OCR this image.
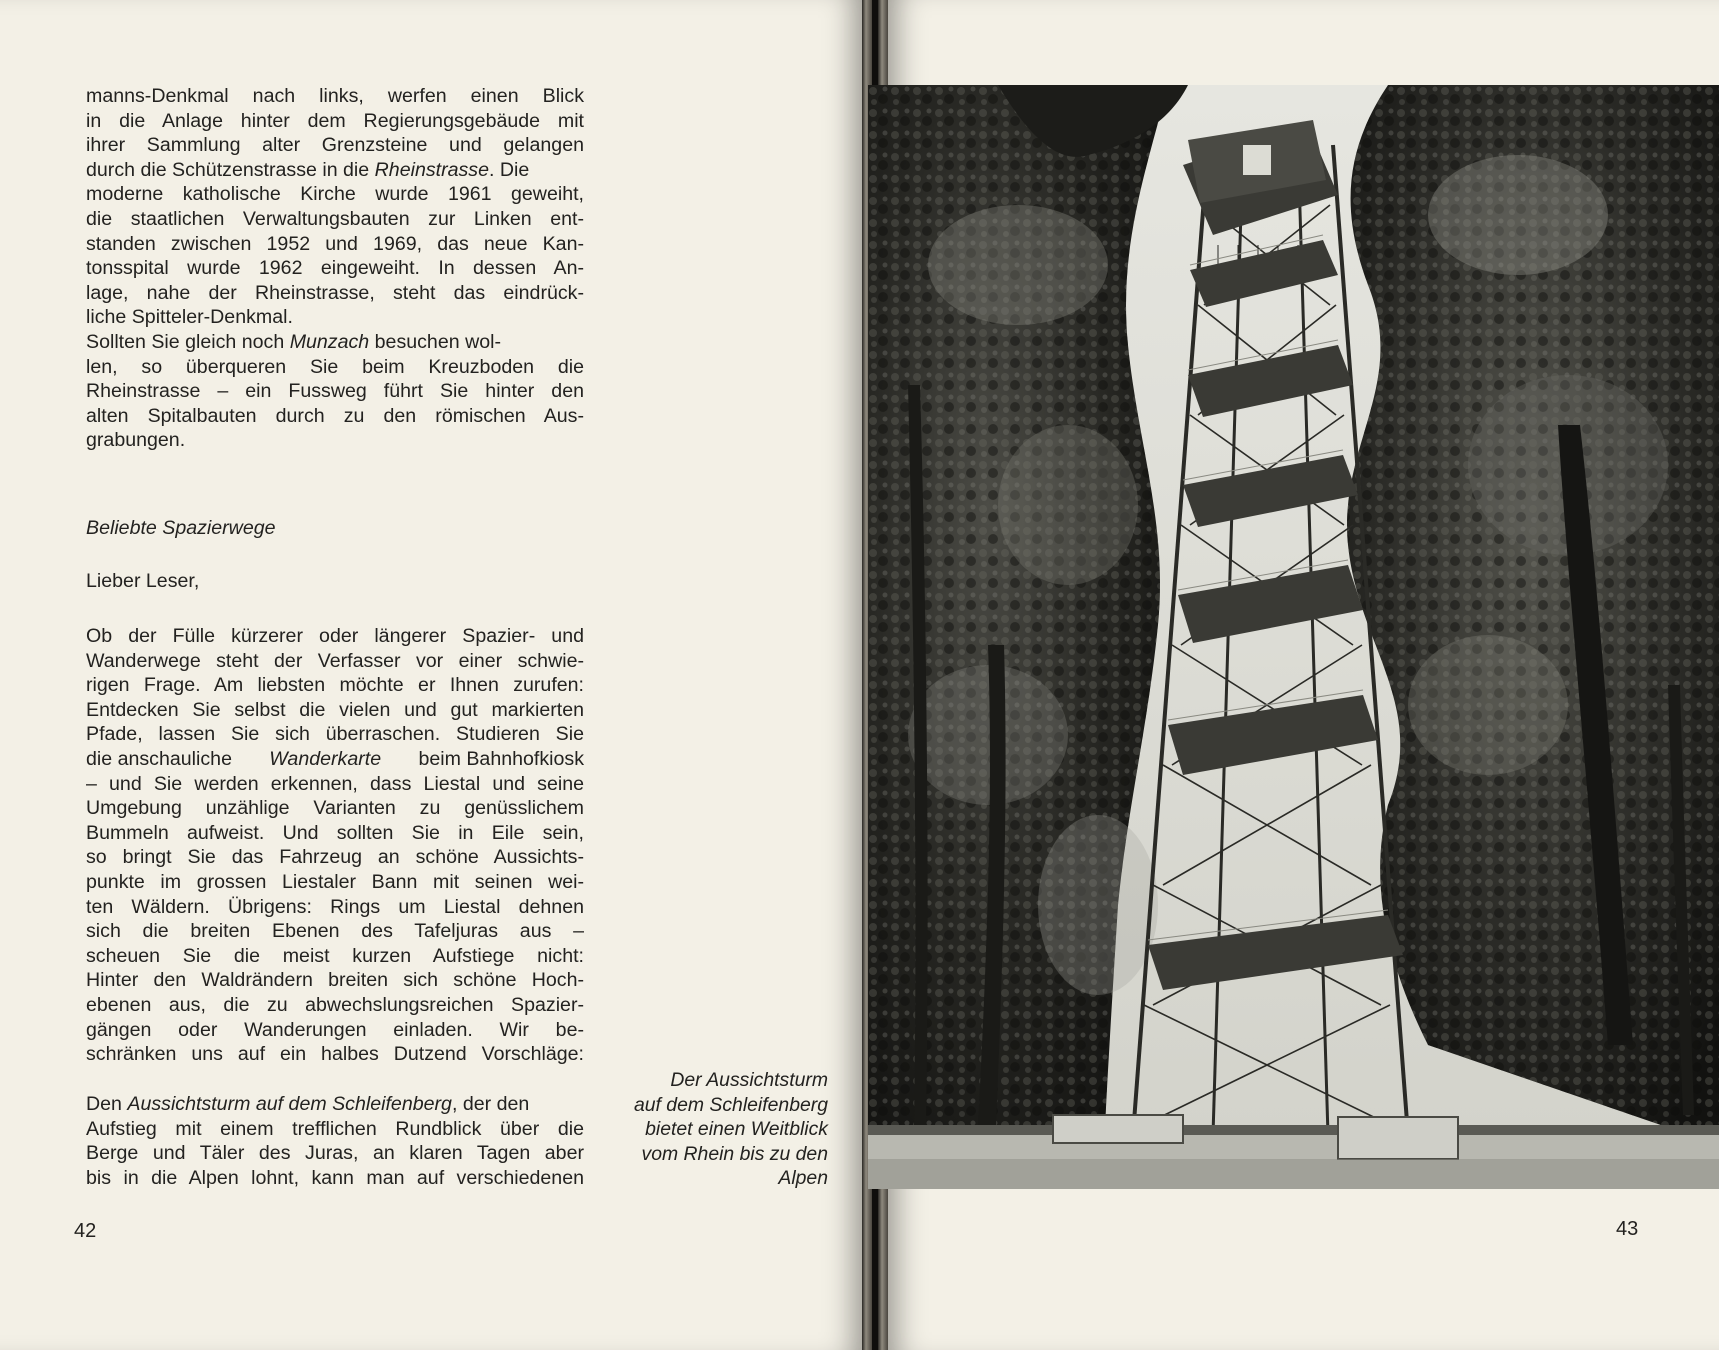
manns-Denkmal nach links, werfen einen Blick
in die Anlage hinter dem Regierungsgebäude mit
ihrer Sammlung alter Grenzsteine und gelangen
durch die Schützenstrasse in die Rheinstrasse. Die
moderne katholische Kirche wurde 1961 geweiht,
die staatlichen Verwaltungsbauten zur Linken ent-
standen zwischen 1952 und 1969, das neue Kan-
tonsspital wurde 1962 eingeweiht. In dessen An-
lage, nahe der Rheinstrasse, steht das eindrück-
liche Spitteler-Denkmal.
Sollten Sie gleich noch Munzach besuchen wol-
len, so überqueren Sie beim Kreuzboden die
Rheinstrasse – ein Fussweg führt Sie hinter den
alten Spitalbauten durch zu den römischen Aus-
grabungen.

Beliebte Spazierwege

Lieber Leser,

Ob der Fülle kürzerer oder längerer Spazier- und
Wanderwege steht der Verfasser vor einer schwie-
rigen Frage. Am liebsten möchte er Ihnen zurufen:
Entdecken Sie selbst die vielen und gut markierten
Pfade, lassen Sie sich überraschen. Studieren Sie
die anschauliche Wanderkarte beim Bahnhofkiosk
– und Sie werden erkennen, dass Liestal und seine
Umgebung unzählige Varianten zu genüsslichem
Bummeln aufweist. Und sollten Sie in Eile sein,
so bringt Sie das Fahrzeug an schöne Aussichts-
punkte im grossen Liestaler Bann mit seinen wei-
ten Wäldern. Übrigens: Rings um Liestal dehnen
sich die breiten Ebenen des Tafeljuras aus –
scheuen Sie die meist kurzen Aufstiege nicht:
Hinter den Waldrändern breiten sich schöne Hoch-
ebenen aus, die zu abwechslungsreichen Spazier-
gängen oder Wanderungen einladen. Wir be-
schränken uns auf ein halbes Dutzend Vorschläge:
Den Aussichtsturm auf dem Schleifenberg, der den
Aufstieg mit einem trefflichen Rundblick über die
Berge und Täler des Juras, an klaren Tagen aber
bis in die Alpen lohnt, kann man auf verschiedenen
Der Aussichtsturm
auf dem Schleifenberg
bietet einen Weitblick
vom Rhein bis zu den
Alpen

42	43
